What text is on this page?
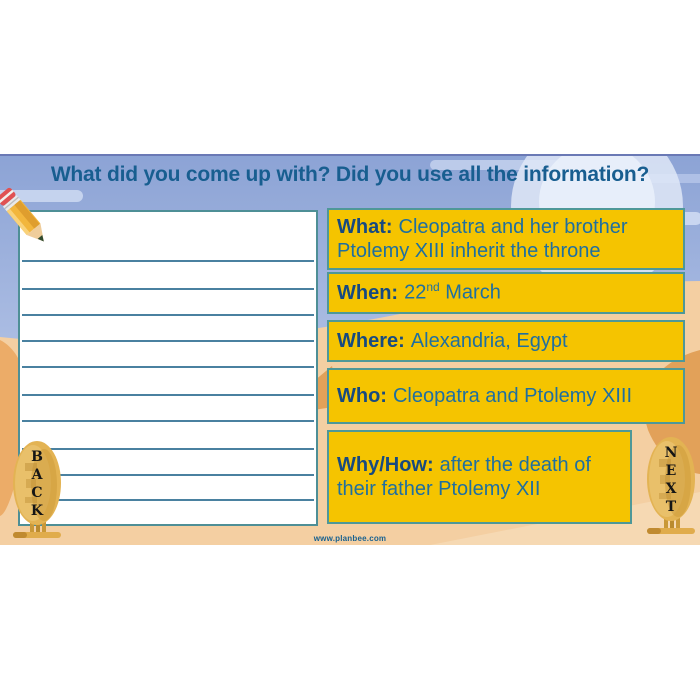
What did you come up with? Did you use all the information?

What: Cleopatra and her brother Ptolemy XIII inherit the throne

When: 22nd March

Where: Alexandria, Egypt

Who: Cleopatra and Ptolemy XIII

Why/How: after the death of their father Ptolemy XII

BACK	NEXT
www.planbee.com
